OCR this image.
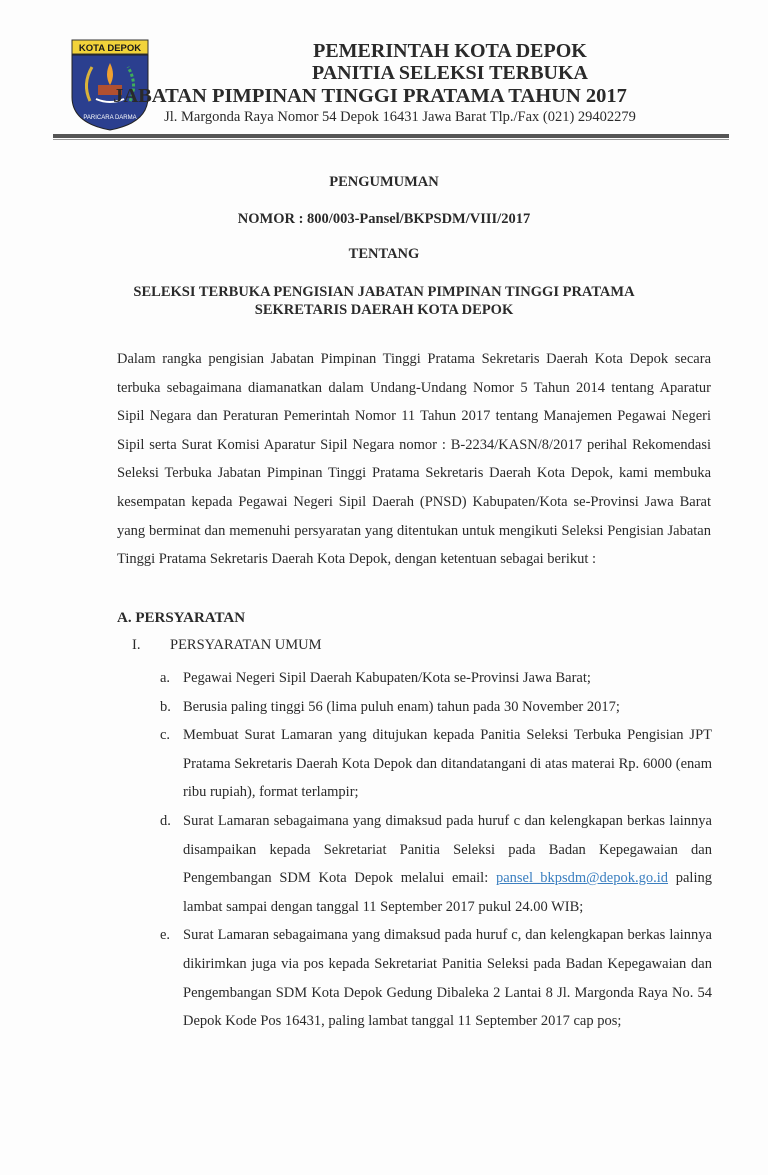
KOTA DEPOK
PARICARA DARMA
PEMERINTAH KOTA DEPOK
PANITIA SELEKSI TERBUKA
JABATAN PIMPINAN TINGGI PRATAMA TAHUN 2017
Jl. Margonda Raya Nomor 54 Depok 16431 Jawa Barat Tlp./Fax (021) 29402279
PENGUMUMAN
NOMOR : 800/003-Pansel/BKPSDM/VIII/2017
TENTANG
SELEKSI TERBUKA PENGISIAN JABATAN PIMPINAN TINGGI PRATAMA
SEKRETARIS DAERAH KOTA DEPOK
Dalam rangka pengisian Jabatan Pimpinan Tinggi Pratama Sekretaris Daerah Kota Depok secara terbuka sebagaimana diamanatkan dalam Undang-Undang Nomor 5 Tahun 2014 tentang Aparatur Sipil Negara dan Peraturan Pemerintah Nomor 11 Tahun 2017 tentang Manajemen Pegawai Negeri Sipil serta Surat Komisi Aparatur Sipil Negara nomor : B-2234/KASN/8/2017 perihal Rekomendasi Seleksi Terbuka Jabatan Pimpinan Tinggi Pratama Sekretaris Daerah Kota Depok, kami membuka kesempatan kepada Pegawai Negeri Sipil Daerah (PNSD) Kabupaten/Kota se-Provinsi Jawa Barat yang berminat dan memenuhi persyaratan yang ditentukan untuk mengikuti Seleksi Pengisian Jabatan Tinggi Pratama Sekretaris Daerah Kota Depok, dengan ketentuan sebagai berikut :
A. PERSYARATAN
I. PERSYARATAN UMUM
a. Pegawai Negeri Sipil Daerah Kabupaten/Kota se-Provinsi Jawa Barat;
b. Berusia paling tinggi 56 (lima puluh enam) tahun pada 30 November 2017;
c. Membuat Surat Lamaran yang ditujukan kepada Panitia Seleksi Terbuka Pengisian JPT Pratama Sekretaris Daerah Kota Depok dan ditandatangani di atas materai Rp. 6000 (enam ribu rupiah), format terlampir;
d. Surat Lamaran sebagaimana yang dimaksud pada huruf c dan kelengkapan berkas lainnya disampaikan kepada Sekretariat Panitia Seleksi pada Badan Kepegawaian dan Pengembangan SDM Kota Depok melalui email: pansel_bkpsdm@depok.go.id paling lambat sampai dengan tanggal 11 September 2017 pukul 24.00 WIB;
e. Surat Lamaran sebagaimana yang dimaksud pada huruf c, dan kelengkapan berkas lainnya dikirimkan juga via pos kepada Sekretariat Panitia Seleksi pada Badan Kepegawaian dan Pengembangan SDM Kota Depok Gedung Dibaleka 2 Lantai 8 Jl. Margonda Raya No. 54 Depok Kode Pos 16431, paling lambat tanggal 11 September 2017 cap pos;
